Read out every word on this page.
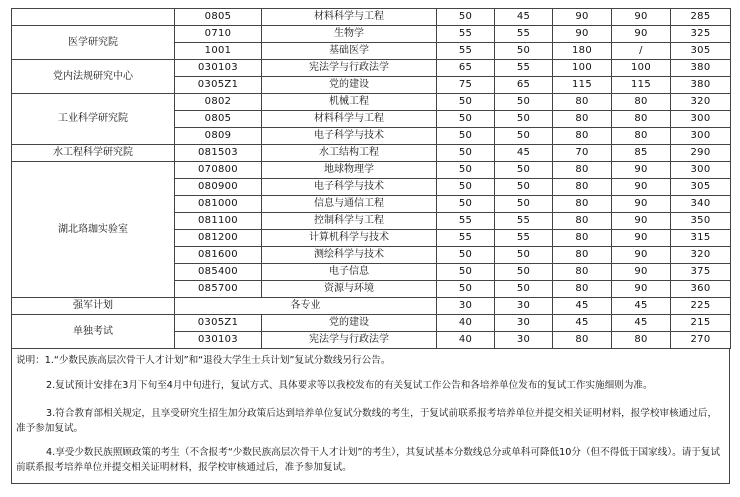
	0805	材料科学与工程	50	45	90	90	285
医学研究院	0710	生物学	55	55	90	90	325
	1001	基础医学	55	50	180	/	305
党内法规研究中心	030103	宪法学与行政法学	65	55	100	100	380
	0305Z1	党的建设	75	65	115	115	380
工业科学研究院	0802	机械工程	50	50	80	80	320
	0805	材料科学与工程	50	50	80	80	300
	0809	电子科学与技术	50	50	80	80	300
水工程科学研究院	081503	水工结构工程	50	45	70	85	290
湖北珞珈实验室	070800	地球物理学	50	50	80	90	300
	080900	电子科学与技术	50	50	80	90	305
	081000	信息与通信工程	50	50	80	90	340
	081100	控制科学与工程	55	55	80	90	350
	081200	计算机科学与技术	55	55	80	90	315
	081600	测绘科学与技术	50	50	80	90	320
	085400	电子信息	50	50	80	90	375
	085700	资源与环境	50	50	80	90	360
强军计划	各专业		30	30	45	45	225
单独考试	0305Z1	党的建设	40	30	45	45	215
	030103	宪法学与行政法学	40	30	80	80	270

说明：1.“少数民族高层次骨干人才计划”和“退役大学生士兵计划”复试分数线另行公告。

2.复试预计安排在3月下旬至4月中旬进行，复试方式、具体要求等以我校发布的有关复试工作公告和各培养单位发布的复试工作实施细则为准。

3.符合教育部相关规定，且享受研究生招生加分政策后达到培养单位复试分数线的考生，于复试前联系报考培养单位并提交相关证明材料，报学校审核通过后，准予参加复试。

4.享受少数民族照顾政策的考生（不含报考“少数民族高层次骨干人才计划”的考生），其复试基本分数线总分或单科可降低10分（但不得低于国家线）。请于复试前联系报考培养单位并提交相关证明材料，报学校审核通过后，准予参加复试。
